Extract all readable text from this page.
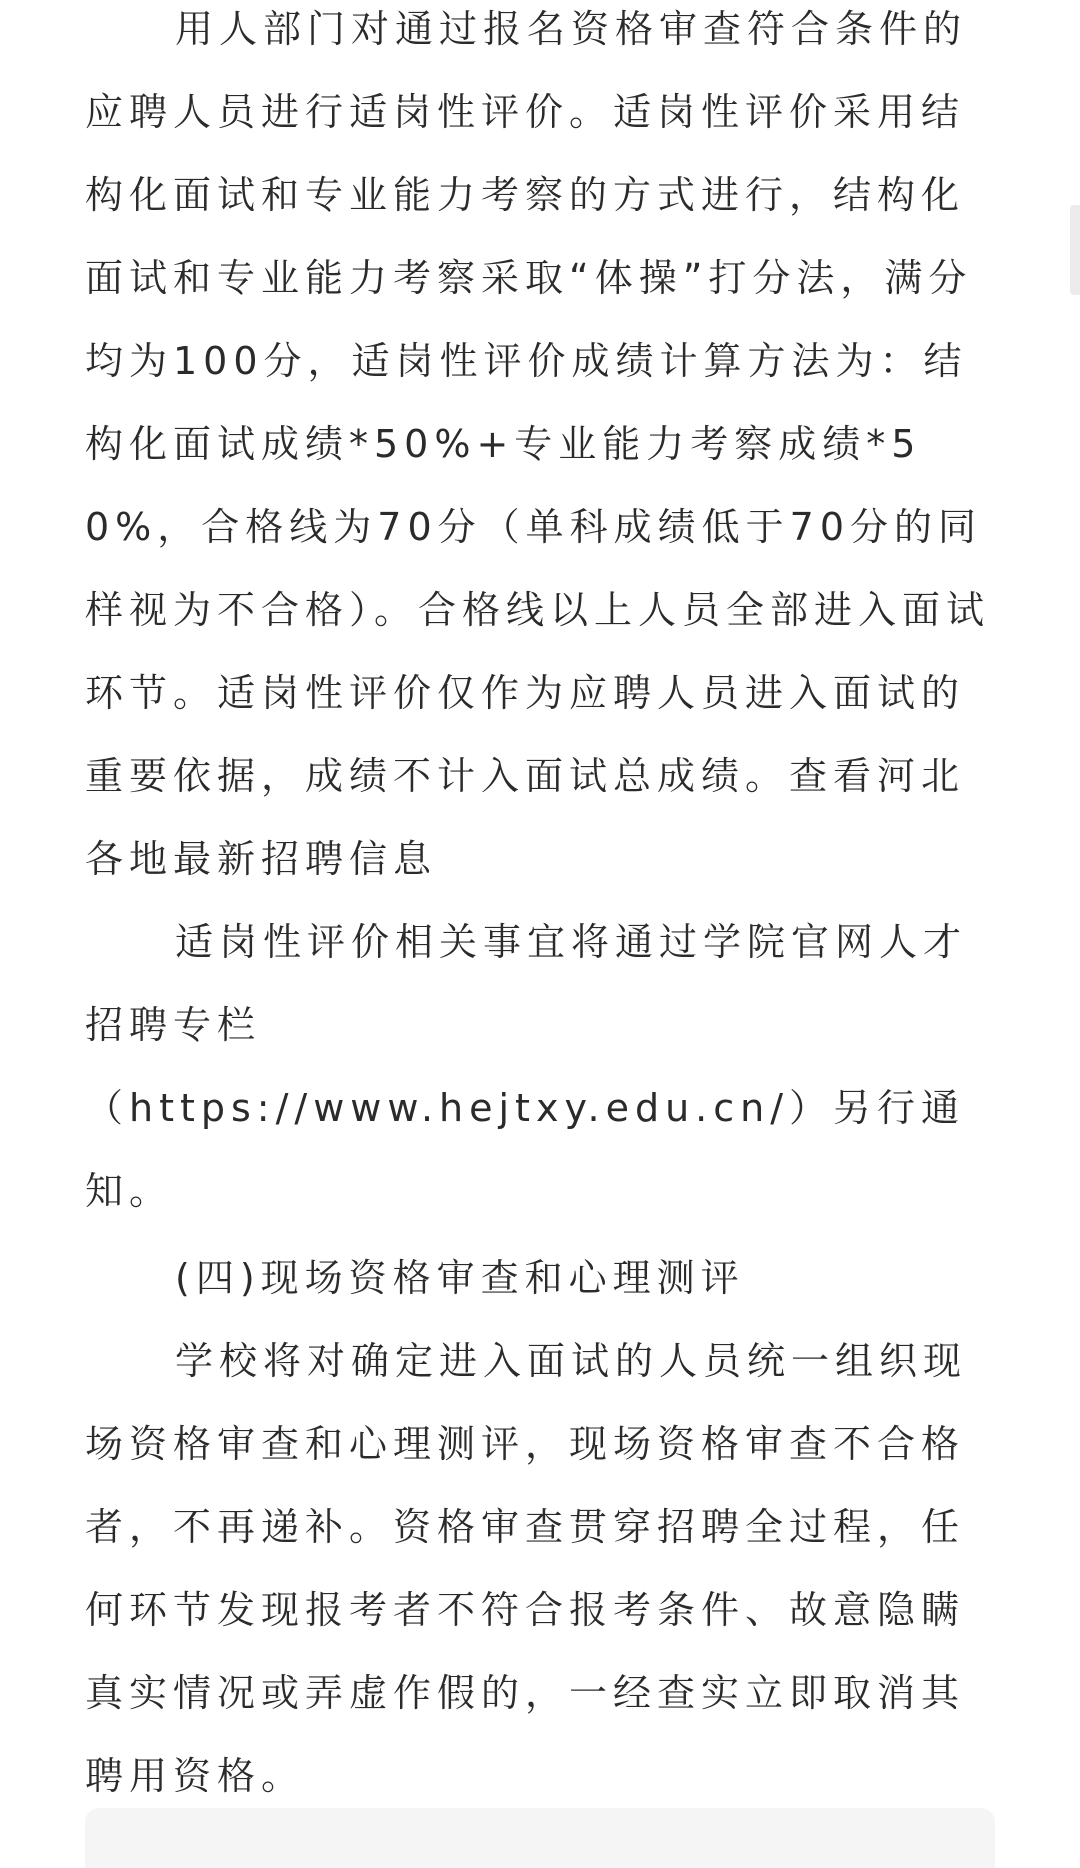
用人部门对通过报名资格审查符合条件的应聘人员进行适岗性评价。适岗性评价采用结构化面试和专业能力考察的方式进行，结构化面试和专业能力考察采取“体操”打分法，满分均为100分，适岗性评价成绩计算方法为：结构化面试成绩*50%+专业能力考察成绩*50%，合格线为70分（单科成绩低于70分的同样视为不合格）。合格线以上人员全部进入面试环节。适岗性评价仅作为应聘人员进入面试的重要依据，成绩不计入面试总成绩。查看河北各地最新招聘信息

适岗性评价相关事宜将通过学院官网人才招聘专栏
（https://www.hejtxy.edu.cn/）另行通知。

(四)现场资格审查和心理测评

学校将对确定进入面试的人员统一组织现场资格审查和心理测评，现场资格审查不合格者，不再递补。资格审查贯穿招聘全过程，任何环节发现报考者不符合报考条件、故意隐瞒真实情况或弄虚作假的，一经查实立即取消其聘用资格。
